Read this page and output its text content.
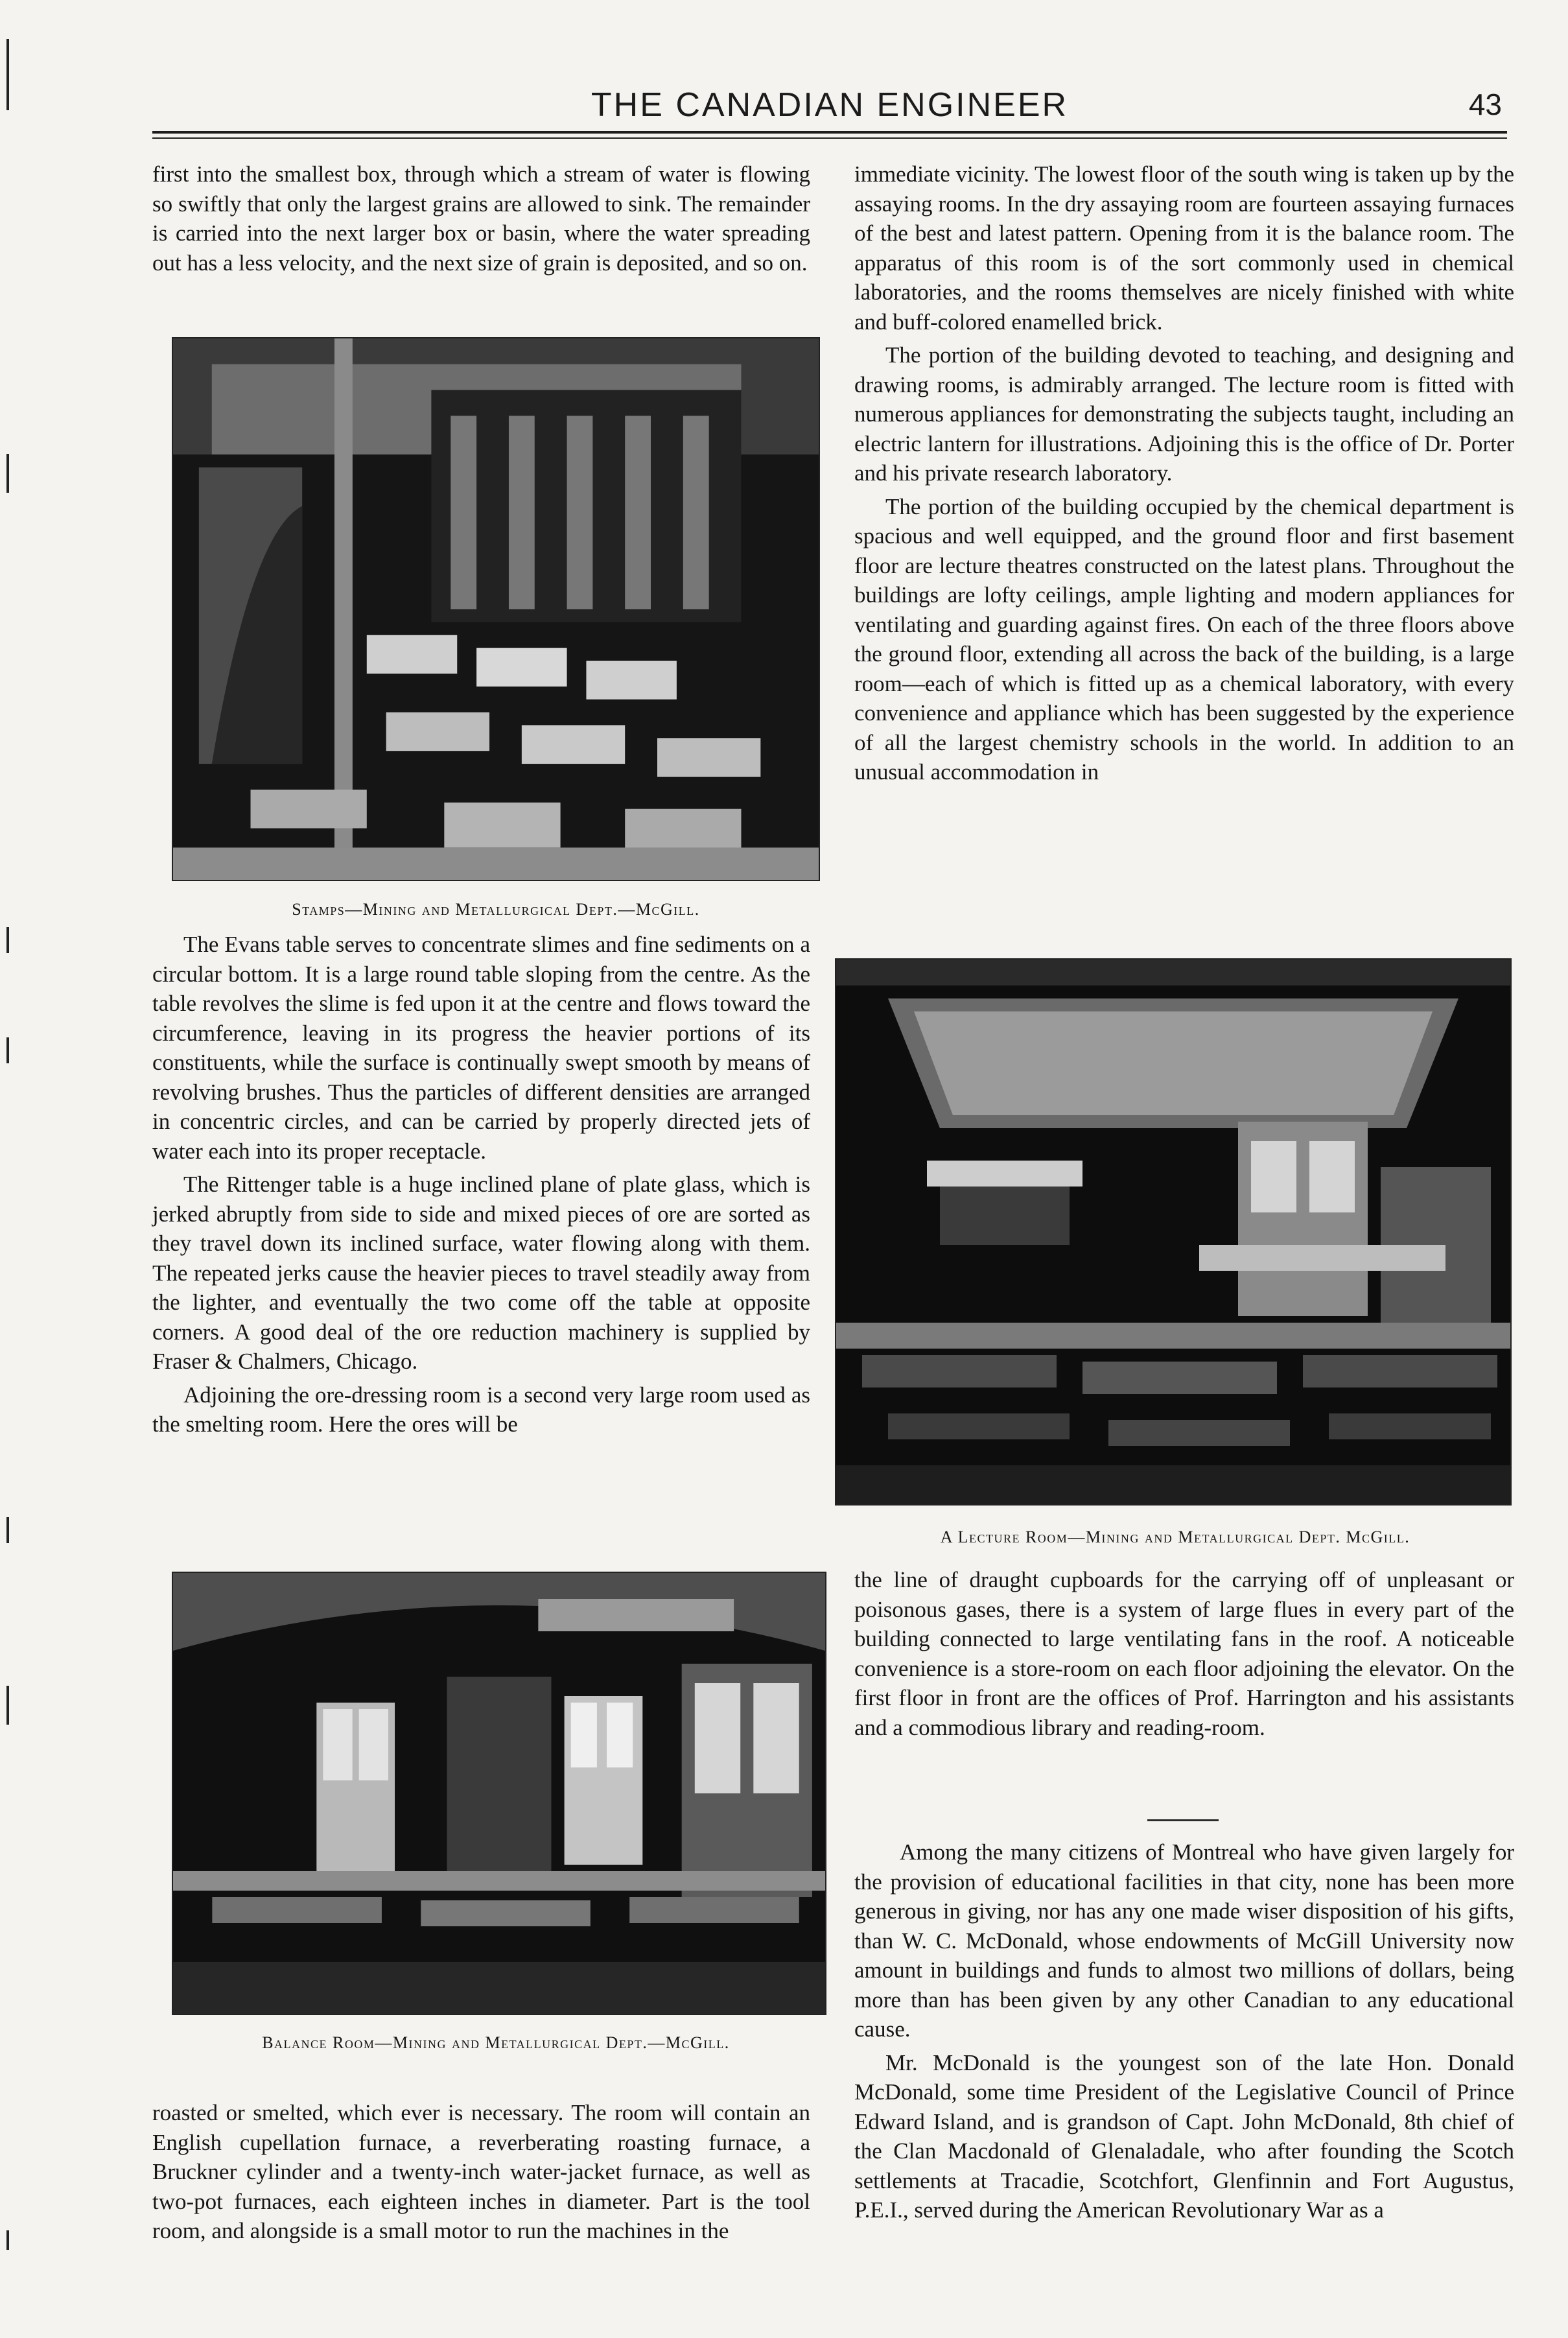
THE CANADIAN ENGINEER	43

first into the smallest box, through which a stream of water is flowing so swiftly that only the largest grains are allowed to sink. The remainder is carried into the next larger box or basin, where the water spreading out has a less velocity, and the next size of grain is deposited, and so on.

Stamps—Mining and Metallurgical Dept.—McGill.

The Evans table serves to concentrate slimes and fine sediments on a circular bottom. It is a large round table sloping from the centre. As the table revolves the slime is fed upon it at the centre and flows toward the circumference, leaving in its progress the heavier portions of its constituents, while the surface is continually swept smooth by means of revolving brushes. Thus the particles of different densities are arranged in concentric circles, and can be carried by properly directed jets of water each into its proper receptacle.

The Rittenger table is a huge inclined plane of plate glass, which is jerked abruptly from side to side and mixed pieces of ore are sorted as they travel down its inclined surface, water flowing along with them. The repeated jerks cause the heavier pieces to travel steadily away from the lighter, and eventually the two come off the table at opposite corners. A good deal of the ore reduction machinery is supplied by Fraser & Chalmers, Chicago.

Adjoining the ore-dressing room is a second very large room used as the smelting room. Here the ores will be

Balance Room—Mining and Metallurgical Dept.—McGill.

roasted or smelted, which ever is necessary. The room will contain an English cupellation furnace, a reverberating roasting furnace, a Bruckner cylinder and a twenty-inch water-jacket furnace, as well as two-pot furnaces, each eighteen inches in diameter. Part is the tool room, and alongside is a small motor to run the machines in the

immediate vicinity. The lowest floor of the south wing is taken up by the assaying rooms. In the dry assaying room are fourteen assaying furnaces of the best and latest pattern. Opening from it is the balance room. The apparatus of this room is of the sort commonly used in chemical laboratories, and the rooms themselves are nicely finished with white and buff-colored enamelled brick.

The portion of the building devoted to teaching, and designing and drawing rooms, is admirably arranged. The lecture room is fitted with numerous appliances for demonstrating the subjects taught, including an electric lantern for illustrations. Adjoining this is the office of Dr. Porter and his private research laboratory.

The portion of the building occupied by the chemical department is spacious and well equipped, and the ground floor and first basement floor are lecture theatres constructed on the latest plans. Throughout the buildings are lofty ceilings, ample lighting and modern appliances for ventilating and guarding against fires. On each of the three floors above the ground floor, extending all across the back of the building, is a large room—each of which is fitted up as a chemical laboratory, with every convenience and appliance which has been suggested by the experience of all the largest chemistry schools in the world. In addition to an unusual accommodation in

A Lecture Room—Mining and Metallurgical Dept. McGill.

the line of draught cupboards for the carrying off of unpleasant or poisonous gases, there is a system of large flues in every part of the building connected to large ventilating fans in the roof. A noticeable convenience is a store-room on each floor adjoining the elevator. On the first floor in front are the offices of Prof. Harrington and his assistants and a commodious library and reading-room.

Among the many citizens of Montreal who have given largely for the provision of educational facilities in that city, none has been more generous in giving, nor has any one made wiser disposition of his gifts, than W. C. McDonald, whose endowments of McGill University now amount in buildings and funds to almost two millions of dollars, being more than has been given by any other Canadian to any educational cause.

Mr. McDonald is the youngest son of the late Hon. Donald McDonald, some time President of the Legislative Council of Prince Edward Island, and is grandson of Capt. John McDonald, 8th chief of the Clan Macdonald of Glenaladale, who after founding the Scotch settlements at Tracadie, Scotchfort, Glenfinnin and Fort Augustus, P.E.I., served during the American Revolutionary War as a
